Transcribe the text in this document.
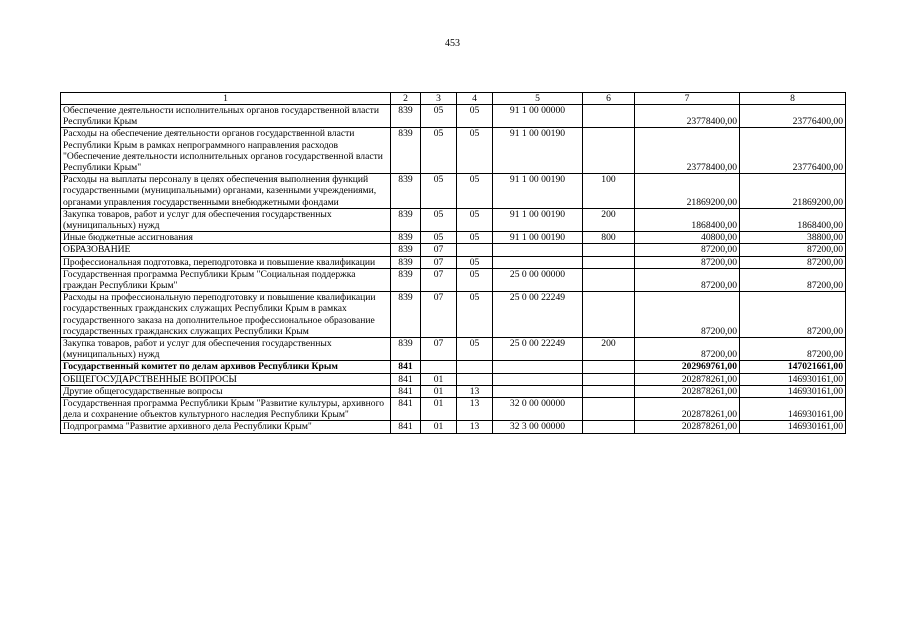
453
1	2	3	4	5	6	7	8
Обеспечение деятельности исполнительных органов государственной власти Республики Крым	839	05	05	91 1 00 00000		23778400,00	23776400,00
Расходы на обеспечение деятельности органов государственной власти Республики Крым в рамках непрограммного направления расходов "Обеспечение деятельности исполнительных органов государственной власти Республики Крым"	839	05	05	91 1 00 00190		23778400,00	23776400,00
Расходы на выплаты персоналу в целях обеспечения выполнения функций государственными (муниципальными) органами, казенными учреждениями, органами управления государственными внебюджетными фондами	839	05	05	91 1 00 00190	100	21869200,00	21869200,00
Закупка товаров, работ и услуг для обеспечения государственных (муниципальных) нужд	839	05	05	91 1 00 00190	200	1868400,00	1868400,00
Иные бюджетные ассигнования	839	05	05	91 1 00 00190	800	40800,00	38800,00
ОБРАЗОВАНИЕ	839	07				87200,00	87200,00
Профессиональная подготовка, переподготовка и повышение квалификации	839	07	05			87200,00	87200,00
Государственная программа Республики Крым "Социальная поддержка граждан Республики Крым"	839	07	05	25 0 00 00000		87200,00	87200,00
Расходы на профессиональную переподготовку и повышение квалификации государственных гражданских служащих Республики Крым в рамках государственного заказа на дополнительное профессиональное образование государственных гражданских служащих Республики Крым	839	07	05	25 0 00 22249		87200,00	87200,00
Закупка товаров, работ и услуг для обеспечения государственных (муниципальных) нужд	839	07	05	25 0 00 22249	200	87200,00	87200,00
Государственный комитет по делам архивов Республики Крым	841					202969761,00	147021661,00
ОБЩЕГОСУДАРСТВЕННЫЕ ВОПРОСЫ	841	01				202878261,00	146930161,00
Другие общегосударственные вопросы	841	01	13			202878261,00	146930161,00
Государственная программа Республики Крым "Развитие культуры, архивного дела и сохранение объектов культурного наследия Республики Крым"	841	01	13	32 0 00 00000		202878261,00	146930161,00
Подпрограмма "Развитие архивного дела Республики Крым"	841	01	13	32 3 00 00000		202878261,00	146930161,00
